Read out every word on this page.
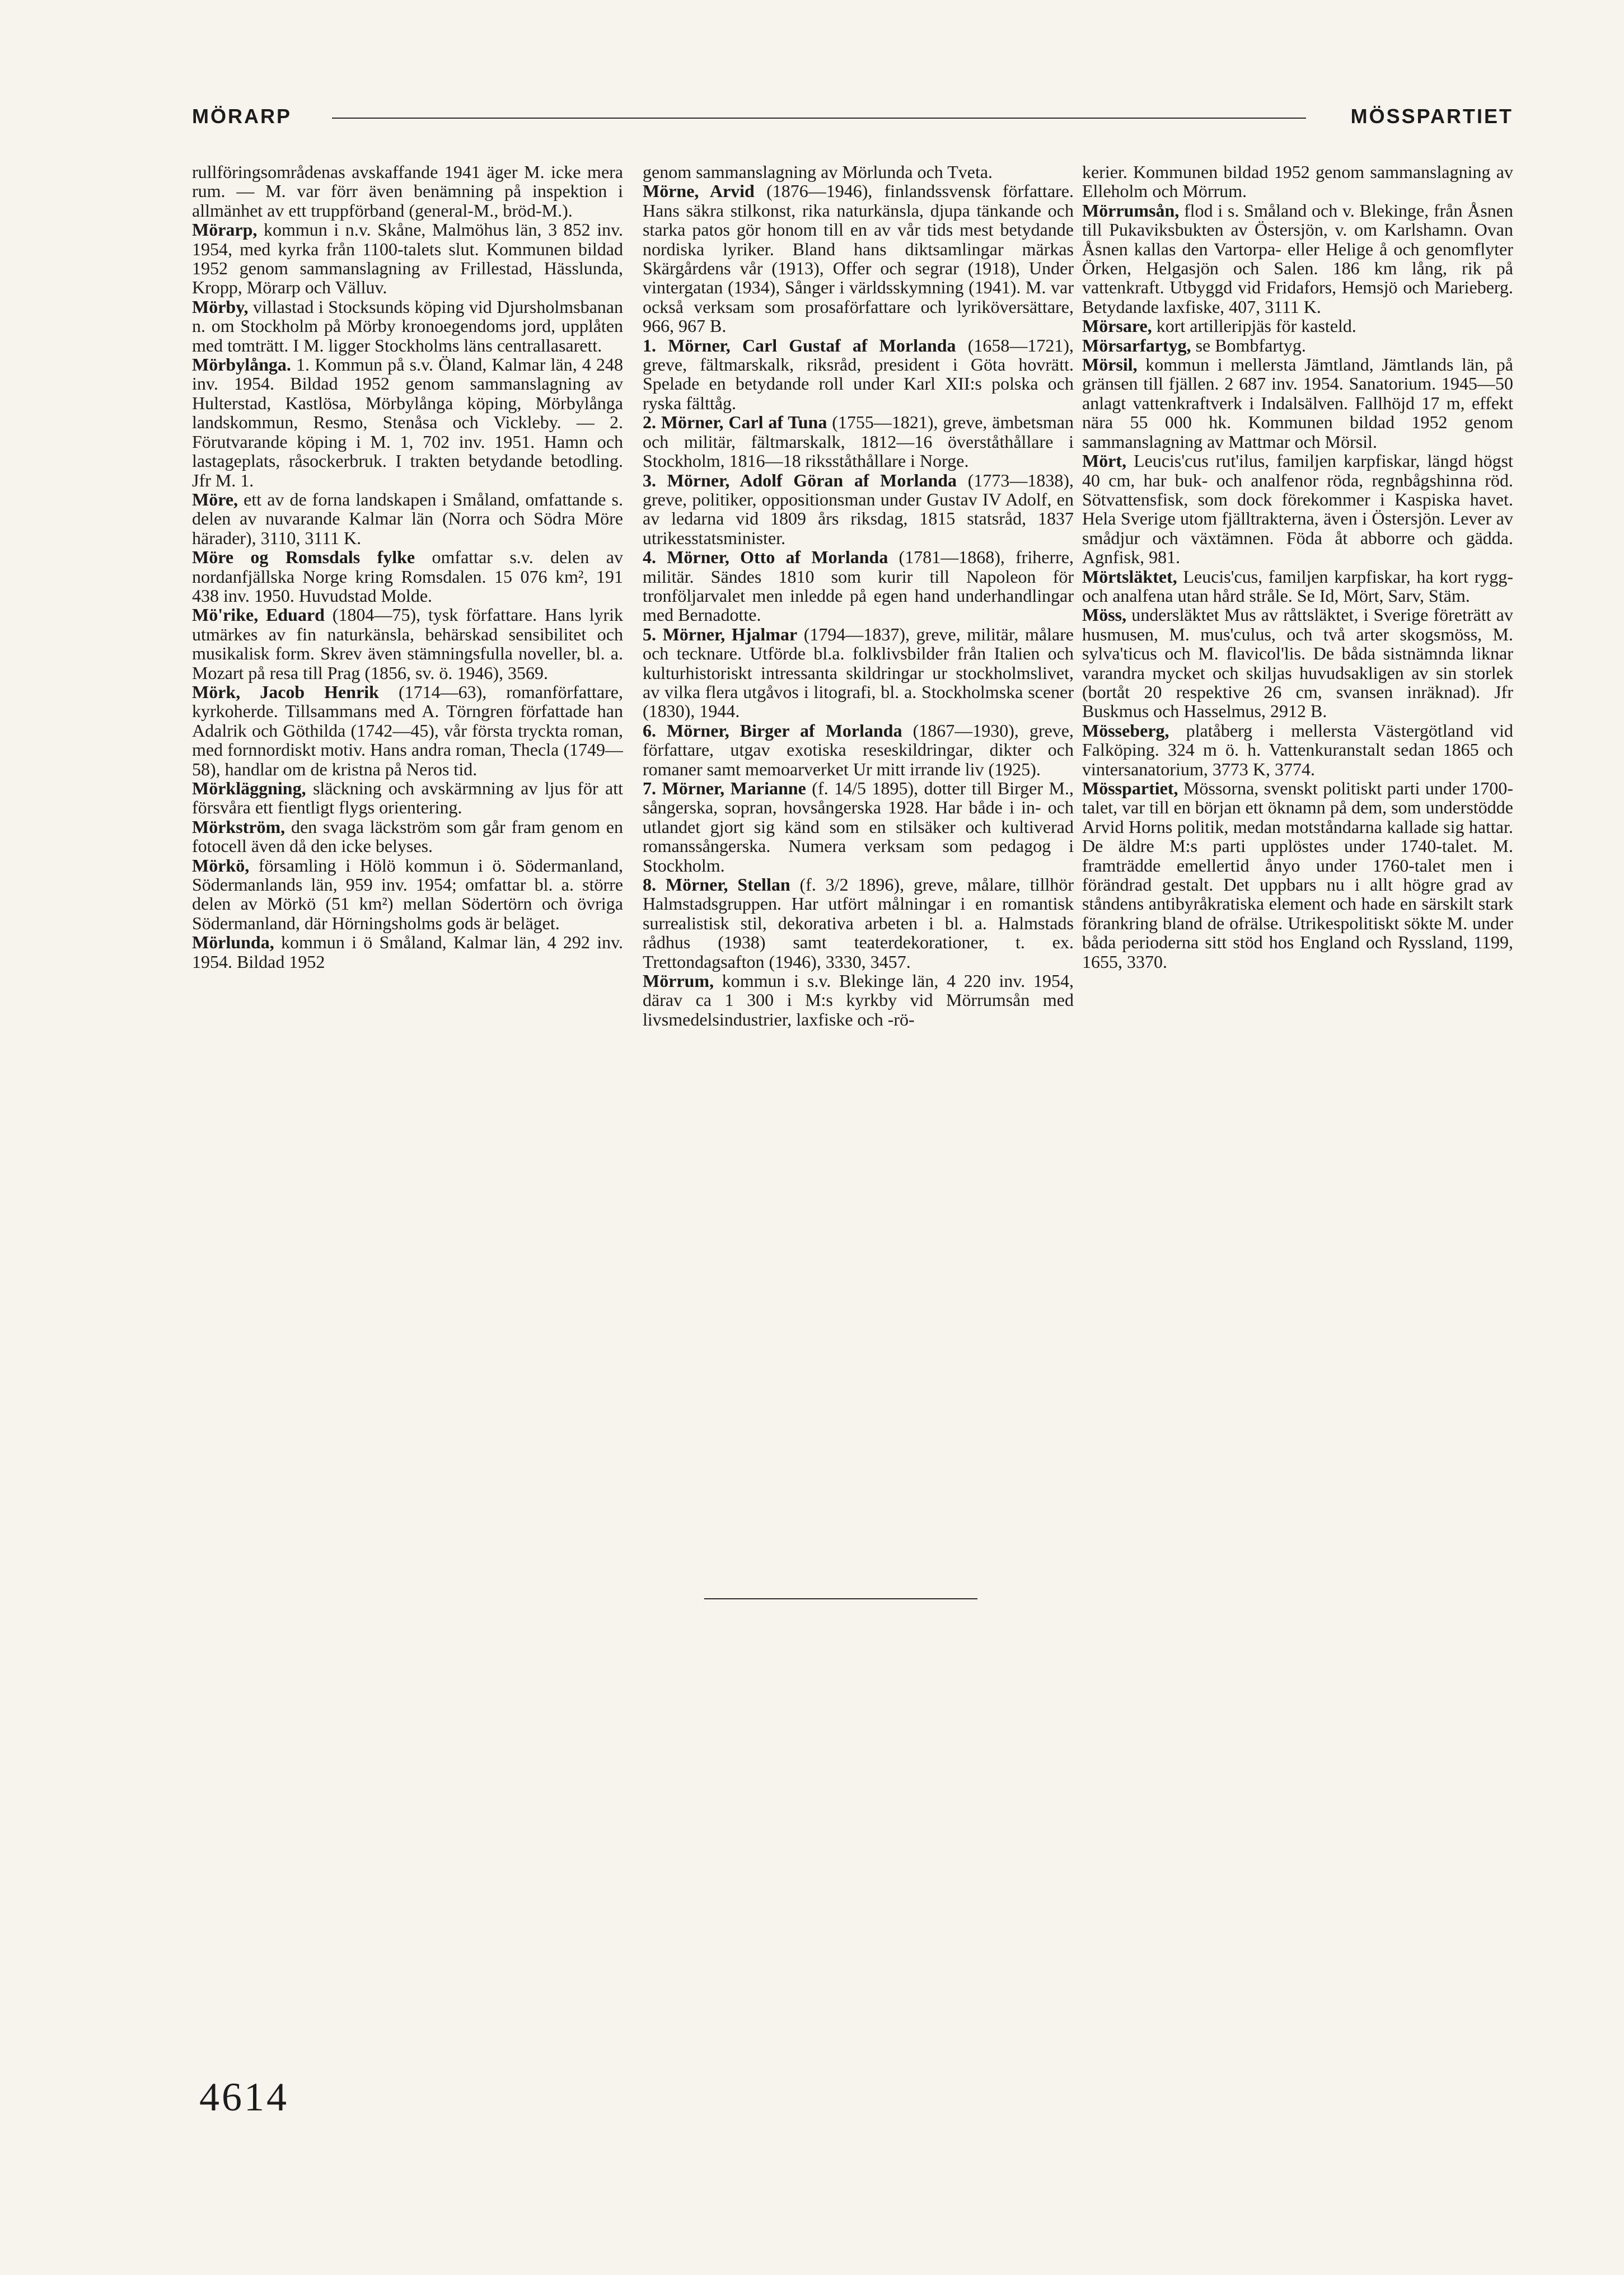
MÖRARP	MÖSSPARTIET

rullföringsområdenas avskaffande 1941 äger M. icke mera rum. — M. var förr även benämning på inspektion i allmänhet av ett truppförband (general-M., bröd-M.).

Mörarp, kommun i n.v. Skåne, Malmöhus län, 3 852 inv. 1954, med kyrka från 1100-talets slut. Kommunen bildad 1952 genom sammanslagning av Frillestad, Hässlunda, Kropp, Mörarp och Välluv.

Mörby, villastad i Stocksunds köping vid Djursholmsbanan n. om Stockholm på Mörby kronoegendoms jord, upplåten med tomträtt. I M. ligger Stockholms läns centrallasarett.

Mörbylånga. 1. Kommun på s.v. Öland, Kalmar län, 4 248 inv. 1954. Bildad 1952 genom sammanslagning av Hulterstad, Kastlösa, Mörbylånga köping, Mörbylånga landskommun, Resmo, Stenåsa och Vickleby. — 2. Förutvarande köping i M. 1, 702 inv. 1951. Hamn och lastageplats, råsockerbruk. I trakten betydande betodling. Jfr M. 1.

Möre, ett av de forna landskapen i Småland, omfattande s. delen av nuvarande Kalmar län (Norra och Södra Möre härader), 3110, 3111 K.

Möre og Romsdals fylke omfattar s.v. delen av nordanfjällska Norge kring Romsdalen. 15 076 km², 191 438 inv. 1950. Huvudstad Molde.

Mö'rike, Eduard (1804—75), tysk författare. Hans lyrik utmärkes av fin naturkänsla, behärskad sensibilitet och musikalisk form. Skrev även stämningsfulla noveller, bl. a. Mozart på resa till Prag (1856, sv. ö. 1946), 3569.

Mörk, Jacob Henrik (1714—63), romanförfattare, kyrkoherde. Tillsammans med A. Törngren författade han Adalrik och Göthilda (1742—45), vår första tryckta roman, med fornnordiskt motiv. Hans andra roman, Thecla (1749—58), handlar om de kristna på Neros tid.

Mörkläggning, släckning och avskärmning av ljus för att försvåra ett fientligt flygs orientering.

Mörkström, den svaga läckström som går fram genom en fotocell även då den icke belyses.

Mörkö, församling i Hölö kommun i ö. Södermanland, Södermanlands län, 959 inv. 1954; omfattar bl. a. större delen av Mörkö (51 km²) mellan Södertörn och övriga Södermanland, där Hörningsholms gods är beläget.

Mörlunda, kommun i ö Småland, Kalmar län, 4 292 inv. 1954. Bildad 1952

genom sammanslagning av Mörlunda och Tveta.

Mörne, Arvid (1876—1946), finlandssvensk författare. Hans säkra stilkonst, rika naturkänsla, djupa tänkande och starka patos gör honom till en av vår tids mest betydande nordiska lyriker. Bland hans diktsamlingar märkas Skärgårdens vår (1913), Offer och segrar (1918), Under vintergatan (1934), Sånger i världsskymning (1941). M. var också verksam som prosaförfattare och lyriköversättare, 966, 967 B.

1. Mörner, Carl Gustaf af Morlanda (1658—1721), greve, fältmarskalk, riksråd, president i Göta hovrätt. Spelade en betydande roll under Karl XII:s polska och ryska fälttåg.

2. Mörner, Carl af Tuna (1755—1821), greve, ämbetsman och militär, fältmarskalk, 1812—16 överståthållare i Stockholm, 1816—18 riksståthållare i Norge.

3. Mörner, Adolf Göran af Morlanda (1773—1838), greve, politiker, oppositionsman under Gustav IV Adolf, en av ledarna vid 1809 års riksdag, 1815 statsråd, 1837 utrikesstatsminister.

4. Mörner, Otto af Morlanda (1781—1868), friherre, militär. Sändes 1810 som kurir till Napoleon för tronföljarvalet men inledde på egen hand underhandlingar med Bernadotte.

5. Mörner, Hjalmar (1794—1837), greve, militär, målare och tecknare. Utförde bl.a. folklivsbilder från Italien och kulturhistoriskt intressanta skildringar ur stockholmslivet, av vilka flera utgåvos i litografi, bl. a. Stockholmska scener (1830), 1944.

6. Mörner, Birger af Morlanda (1867—1930), greve, författare, utgav exotiska reseskildringar, dikter och romaner samt memoarverket Ur mitt irrande liv (1925).

7. Mörner, Marianne (f. 14/5 1895), dotter till Birger M., sångerska, sopran, hovsångerska 1928. Har både i in- och utlandet gjort sig känd som en stilsäker och kultiverad romanssångerska. Numera verksam som pedagog i Stockholm.

8. Mörner, Stellan (f. 3/2 1896), greve, målare, tillhör Halmstadsgruppen. Har utfört målningar i en romantisk surrealistisk stil, dekorativa arbeten i bl. a. Halmstads rådhus (1938) samt teaterdekorationer, t. ex. Trettondagsafton (1946), 3330, 3457.

Mörrum, kommun i s.v. Blekinge län, 4 220 inv. 1954, därav ca 1 300 i M:s kyrkby vid Mörrumsån med livsmedelsindustrier, laxfiske och -rö-

kerier. Kommunen bildad 1952 genom sammanslagning av Elleholm och Mörrum.

Mörrumsån, flod i s. Småland och v. Blekinge, från Åsnen till Pukaviksbukten av Östersjön, v. om Karlshamn. Ovan Åsnen kallas den Vartorpa- eller Helige å och genomflyter Örken, Helgasjön och Salen. 186 km lång, rik på vattenkraft. Utbyggd vid Fridafors, Hemsjö och Marieberg. Betydande laxfiske, 407, 3111 K.

Mörsare, kort artilleripjäs för kasteld.

Mörsarfartyg, se Bombfartyg.

Mörsil, kommun i mellersta Jämtland, Jämtlands län, på gränsen till fjällen. 2 687 inv. 1954. Sanatorium. 1945—50 anlagt vattenkraftverk i Indalsälven. Fallhöjd 17 m, effekt nära 55 000 hk. Kommunen bildad 1952 genom sammanslagning av Mattmar och Mörsil.

Mört, Leucis'cus rut'ilus, familjen karpfiskar, längd högst 40 cm, har buk- och analfenor röda, regnbågshinna röd. Sötvattensfisk, som dock förekommer i Kaspiska havet. Hela Sverige utom fjälltrakterna, även i Östersjön. Lever av smådjur och växtämnen. Föda åt abborre och gädda. Agnfisk, 981.

Mörtsläktet, Leucis'cus, familjen karpfiskar, ha kort rygg- och analfena utan hård stråle. Se Id, Mört, Sarv, Stäm.

Möss, undersläktet Mus av råttsläktet, i Sverige företrätt av husmusen, M. mus'culus, och två arter skogsmöss, M. sylva'ticus och M. flavicol'lis. De båda sistnämnda liknar varandra mycket och skiljas huvudsakligen av sin storlek (bortåt 20 respektive 26 cm, svansen inräknad). Jfr Buskmus och Hasselmus, 2912 B.

Mösseberg, platåberg i mellersta Västergötland vid Falköping. 324 m ö. h. Vattenkuranstalt sedan 1865 och vintersanatorium, 3773 K, 3774.

Mösspartiet, Mössorna, svenskt politiskt parti under 1700-talet, var till en början ett öknamn på dem, som understödde Arvid Horns politik, medan motståndarna kallade sig hattar. De äldre M:s parti upplöstes under 1740-talet. M. framträdde emellertid ånyo under 1760-talet men i förändrad gestalt. Det uppbars nu i allt högre grad av ståndens antibyråkratiska element och hade en särskilt stark förankring bland de ofrälse. Utrikespolitiskt sökte M. under båda perioderna sitt stöd hos England och Ryssland, 1199, 1655, 3370.

4614
